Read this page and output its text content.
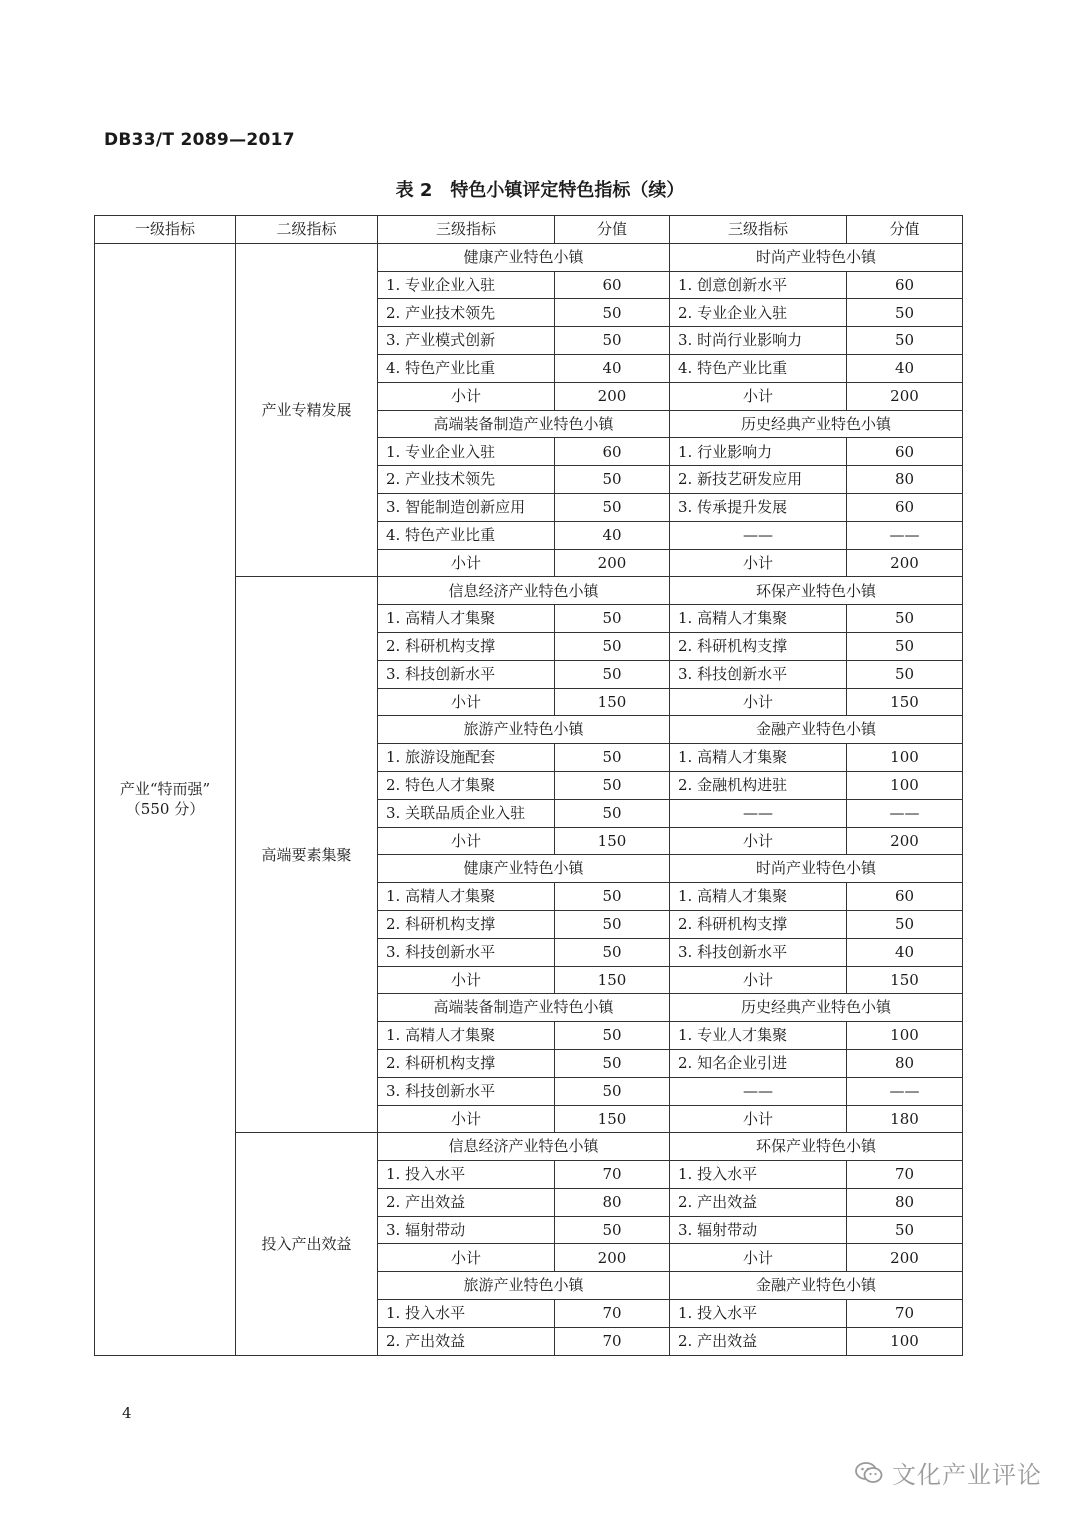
DB33/T 2089—2017
表 2　特色小镇评定特色指标（续）
一级指标	二级指标	三级指标	分值	三级指标	分值

产业“特而强”
（550 分）	产业专精发展	健康产业特色小镇		时尚产业特色小镇	
		1. 专业企业入驻	60	1. 创意创新水平	60
		2. 产业技术领先	50	2. 专业企业入驻	50
		3. 产业模式创新	50	3. 时尚行业影响力	50
		4. 特色产业比重	40	4. 特色产业比重	40
		小计	200	小计	200
		高端装备制造产业特色小镇		历史经典产业特色小镇	
		1. 专业企业入驻	60	1. 行业影响力	60
		2. 产业技术领先	50	2. 新技艺研发应用	80
		3. 智能制造创新应用	50	3. 传承提升发展	60
		4. 特色产业比重	40	——	——
		小计	200	小计	200
	高端要素集聚	信息经济产业特色小镇		环保产业特色小镇	
		1. 高精人才集聚	50	1. 高精人才集聚	50
		2. 科研机构支撑	50	2. 科研机构支撑	50
		3. 科技创新水平	50	3. 科技创新水平	50
		小计	150	小计	150
		旅游产业特色小镇		金融产业特色小镇	
		1. 旅游设施配套	50	1. 高精人才集聚	100
		2. 特色人才集聚	50	2. 金融机构进驻	100
		3. 关联品质企业入驻	50	——	——
		小计	150	小计	200
		健康产业特色小镇		时尚产业特色小镇	
		1. 高精人才集聚	50	1. 高精人才集聚	60
		2. 科研机构支撑	50	2. 科研机构支撑	50
		3. 科技创新水平	50	3. 科技创新水平	40
		小计	150	小计	150
		高端装备制造产业特色小镇		历史经典产业特色小镇	
		1. 高精人才集聚	50	1. 专业人才集聚	100
		2. 科研机构支撑	50	2. 知名企业引进	80
		3. 科技创新水平	50	——	——
		小计	150	小计	180
	投入产出效益	信息经济产业特色小镇		环保产业特色小镇	
		1. 投入水平	70	1. 投入水平	70
		2. 产出效益	80	2. 产出效益	80
		3. 辐射带动	50	3. 辐射带动	50
		小计	200	小计	200
		旅游产业特色小镇		金融产业特色小镇	
		1. 投入水平	70	1. 投入水平	70
		2. 产出效益	70	2. 产出效益	100
4
文化产业评论
